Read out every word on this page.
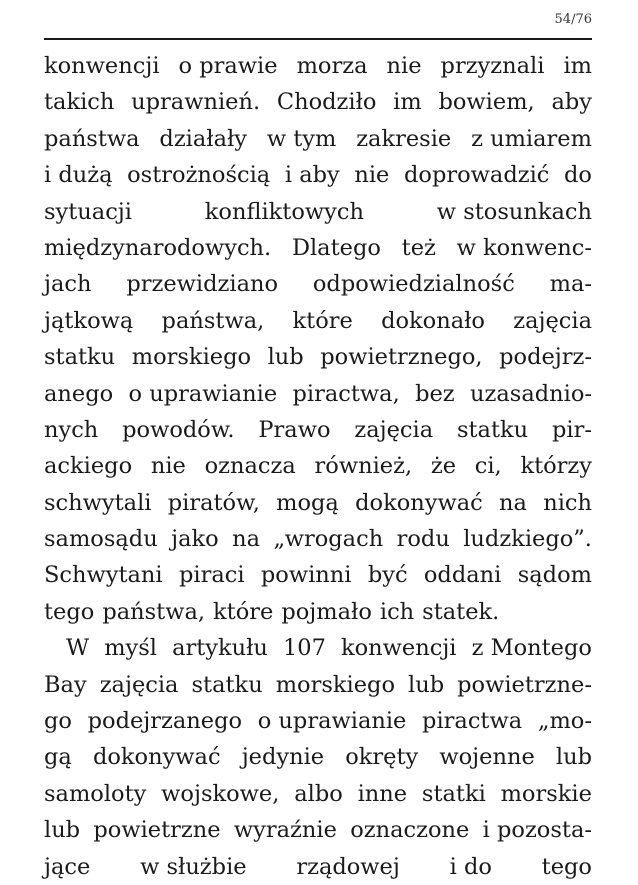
54/76
konwencji o prawie morza nie przyznali im
takich uprawnień. Chodziło im bowiem, aby
państwa działały w tym zakresie z umiarem
i dużą ostrożnością i aby nie doprowadzić do
sytuacji	konfliktowych	w stosunkach
międzynarodowych. Dlatego też w konwenc-
jach przewidziano odpowiedzialność ma-
jątkową państwa, które dokonało zajęcia
statku morskiego lub powietrznego, podejrz-
anego o uprawianie piractwa, bez uzasadnio-
nych powodów. Prawo zajęcia statku pir-
ackiego nie oznacza również, że ci, którzy
schwytali piratów, mogą dokonywać na nich
samosądu jako na „wrogach rodu ludzkiego”.
Schwytani piraci powinni być oddani sądom
tego państwa, które pojmało ich statek.
W myśl artykułu 107 konwencji z Montego
Bay zajęcia statku morskiego lub powietrzne-
go podejrzanego o uprawianie piractwa „mo-
gą dokonywać jedynie okręty wojenne lub
samoloty wojskowe, albo inne statki morskie
lub powietrzne wyraźnie oznaczone i pozosta-
jące w służbie rządowej i do tego
